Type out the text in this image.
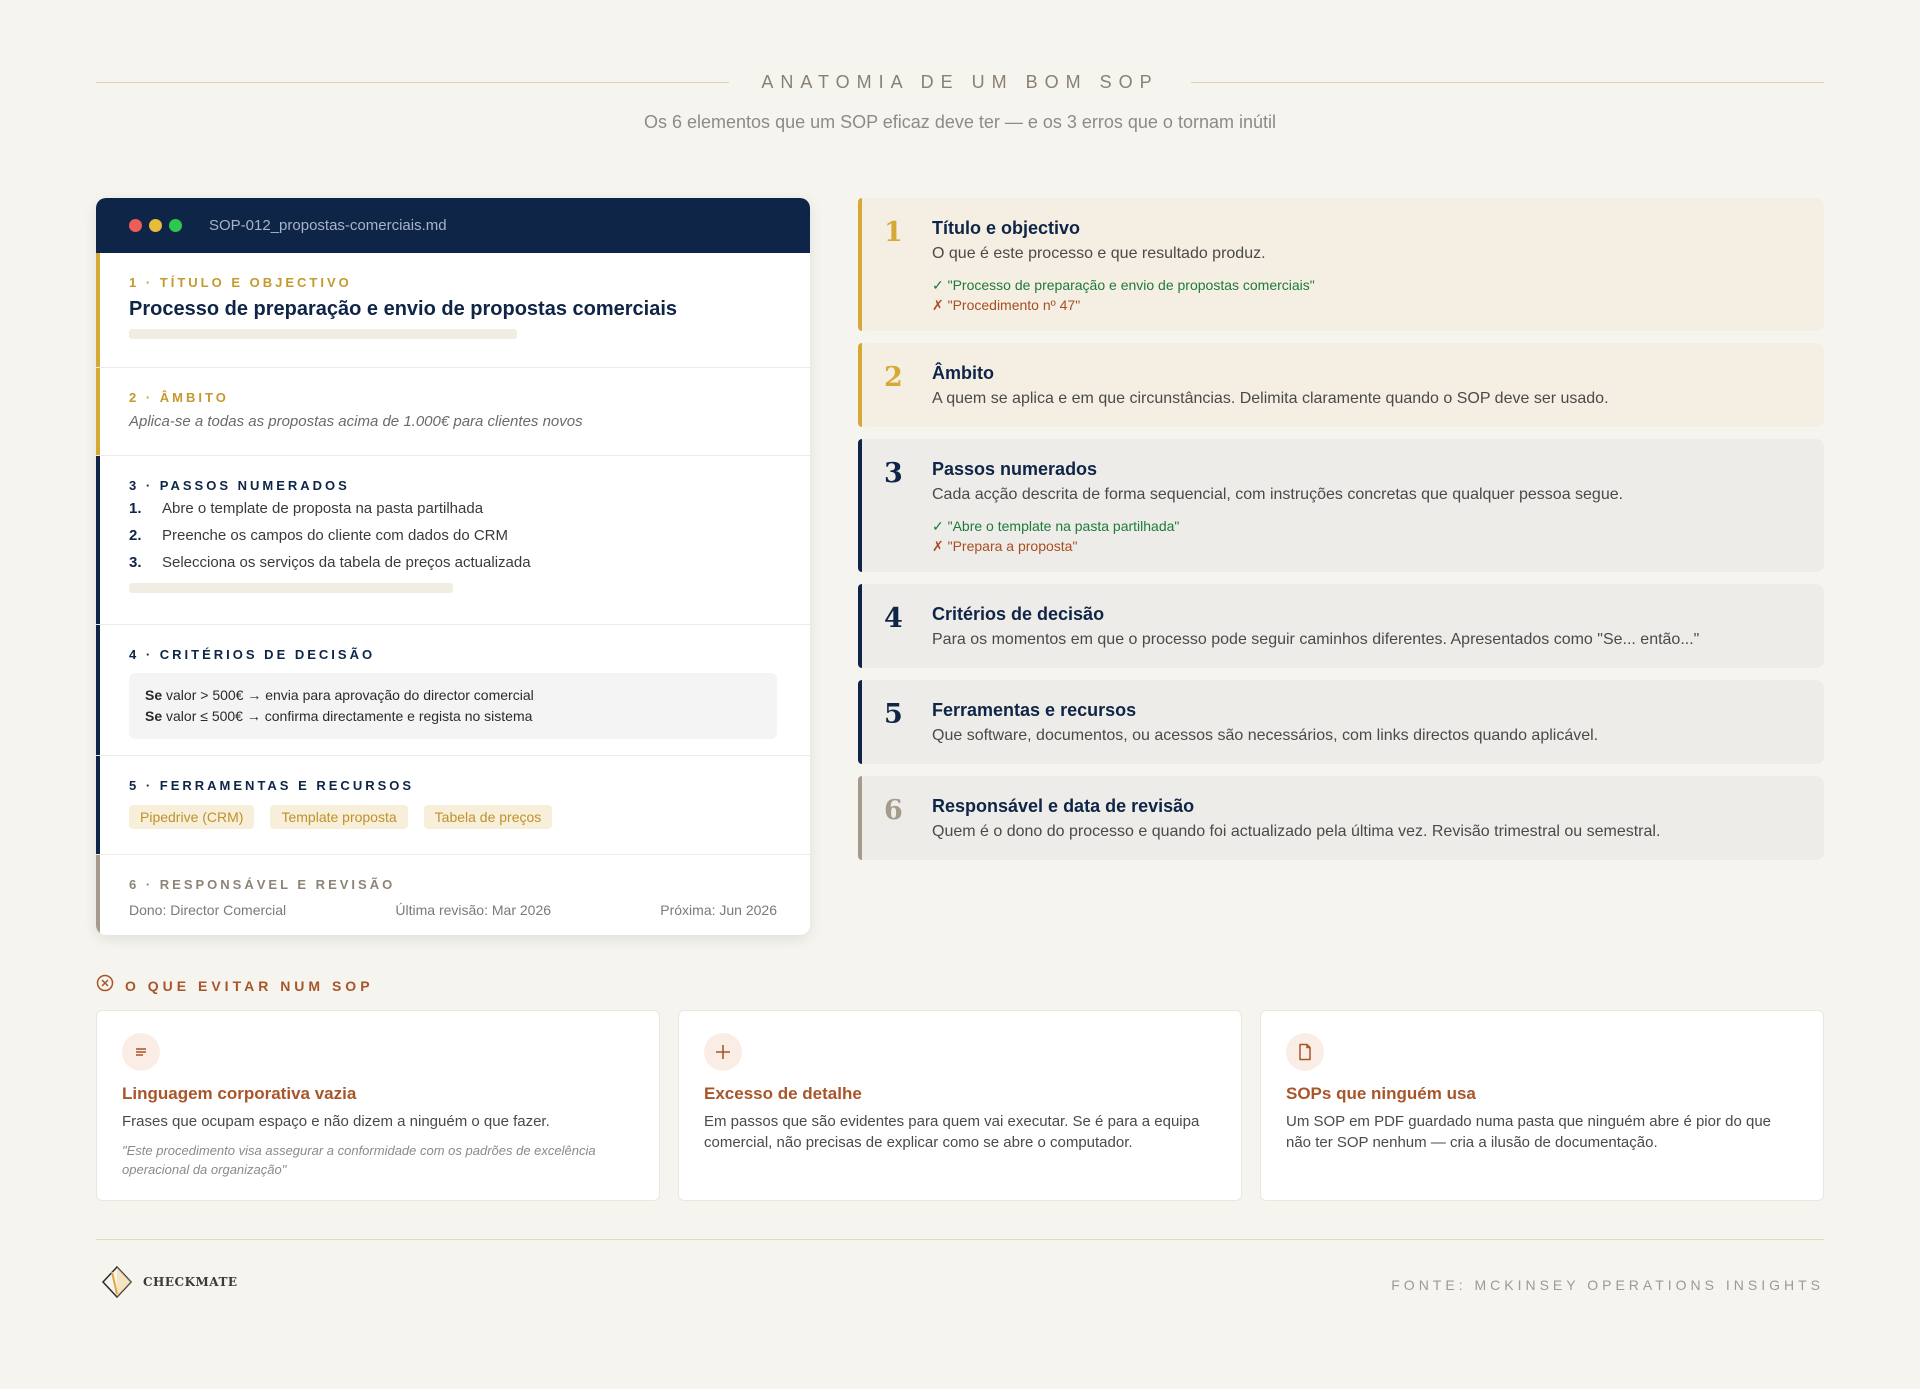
ANATOMIA DE UM BOM SOP
Os 6 elementos que um SOP eficaz deve ter — e os 3 erros que o tornam inútil
SOP-012_propostas-comerciais.md
1 · TÍTULO E OBJECTIVO
Processo de preparação e envio de propostas comerciais
2 · ÂMBITO
Aplica-se a todas as propostas acima de 1.000€ para clientes novos
3 · PASSOS NUMERADOS
1.	Abre o template de proposta na pasta partilhada
2.	Preenche os campos do cliente com dados do CRM
3.	Selecciona os serviços da tabela de preços actualizada
4 · CRITÉRIOS DE DECISÃO
Se valor > 500€ → envia para aprovação do director comercial
Se valor ≤ 500€ → confirma directamente e regista no sistema
5 · FERRAMENTAS E RECURSOS
Pipedrive (CRM)	Template proposta	Tabela de preços
6 · RESPONSÁVEL E REVISÃO
Dono: Director Comercial	Última revisão: Mar 2026	Próxima: Jun 2026
1 Título e objectivo
O que é este processo e que resultado produz.
✓ "Processo de preparação e envio de propostas comerciais"
✗ "Procedimento nº 47"
2 Âmbito
A quem se aplica e em que circunstâncias. Delimita claramente quando o SOP deve ser usado.
3 Passos numerados
Cada acção descrita de forma sequencial, com instruções concretas que qualquer pessoa segue.
✓ "Abre o template na pasta partilhada"
✗ "Prepara a proposta"
4 Critérios de decisão
Para os momentos em que o processo pode seguir caminhos diferentes. Apresentados como "Se... então..."
5 Ferramentas e recursos
Que software, documentos, ou acessos são necessários, com links directos quando aplicável.
6 Responsável e data de revisão
Quem é o dono do processo e quando foi actualizado pela última vez. Revisão trimestral ou semestral.
O QUE EVITAR NUM SOP
Linguagem corporativa vazia
Frases que ocupam espaço e não dizem a ninguém o que fazer.
"Este procedimento visa assegurar a conformidade com os padrões de excelência operacional da organização"
Excesso de detalhe
Em passos que são evidentes para quem vai executar. Se é para a equipa comercial, não precisas de explicar como se abre o computador.
SOPs que ninguém usa
Um SOP em PDF guardado numa pasta que ninguém abre é pior do que não ter SOP nenhum — cria a ilusão de documentação.
CHECKMATE	FONTE: MCKINSEY OPERATIONS INSIGHTS
